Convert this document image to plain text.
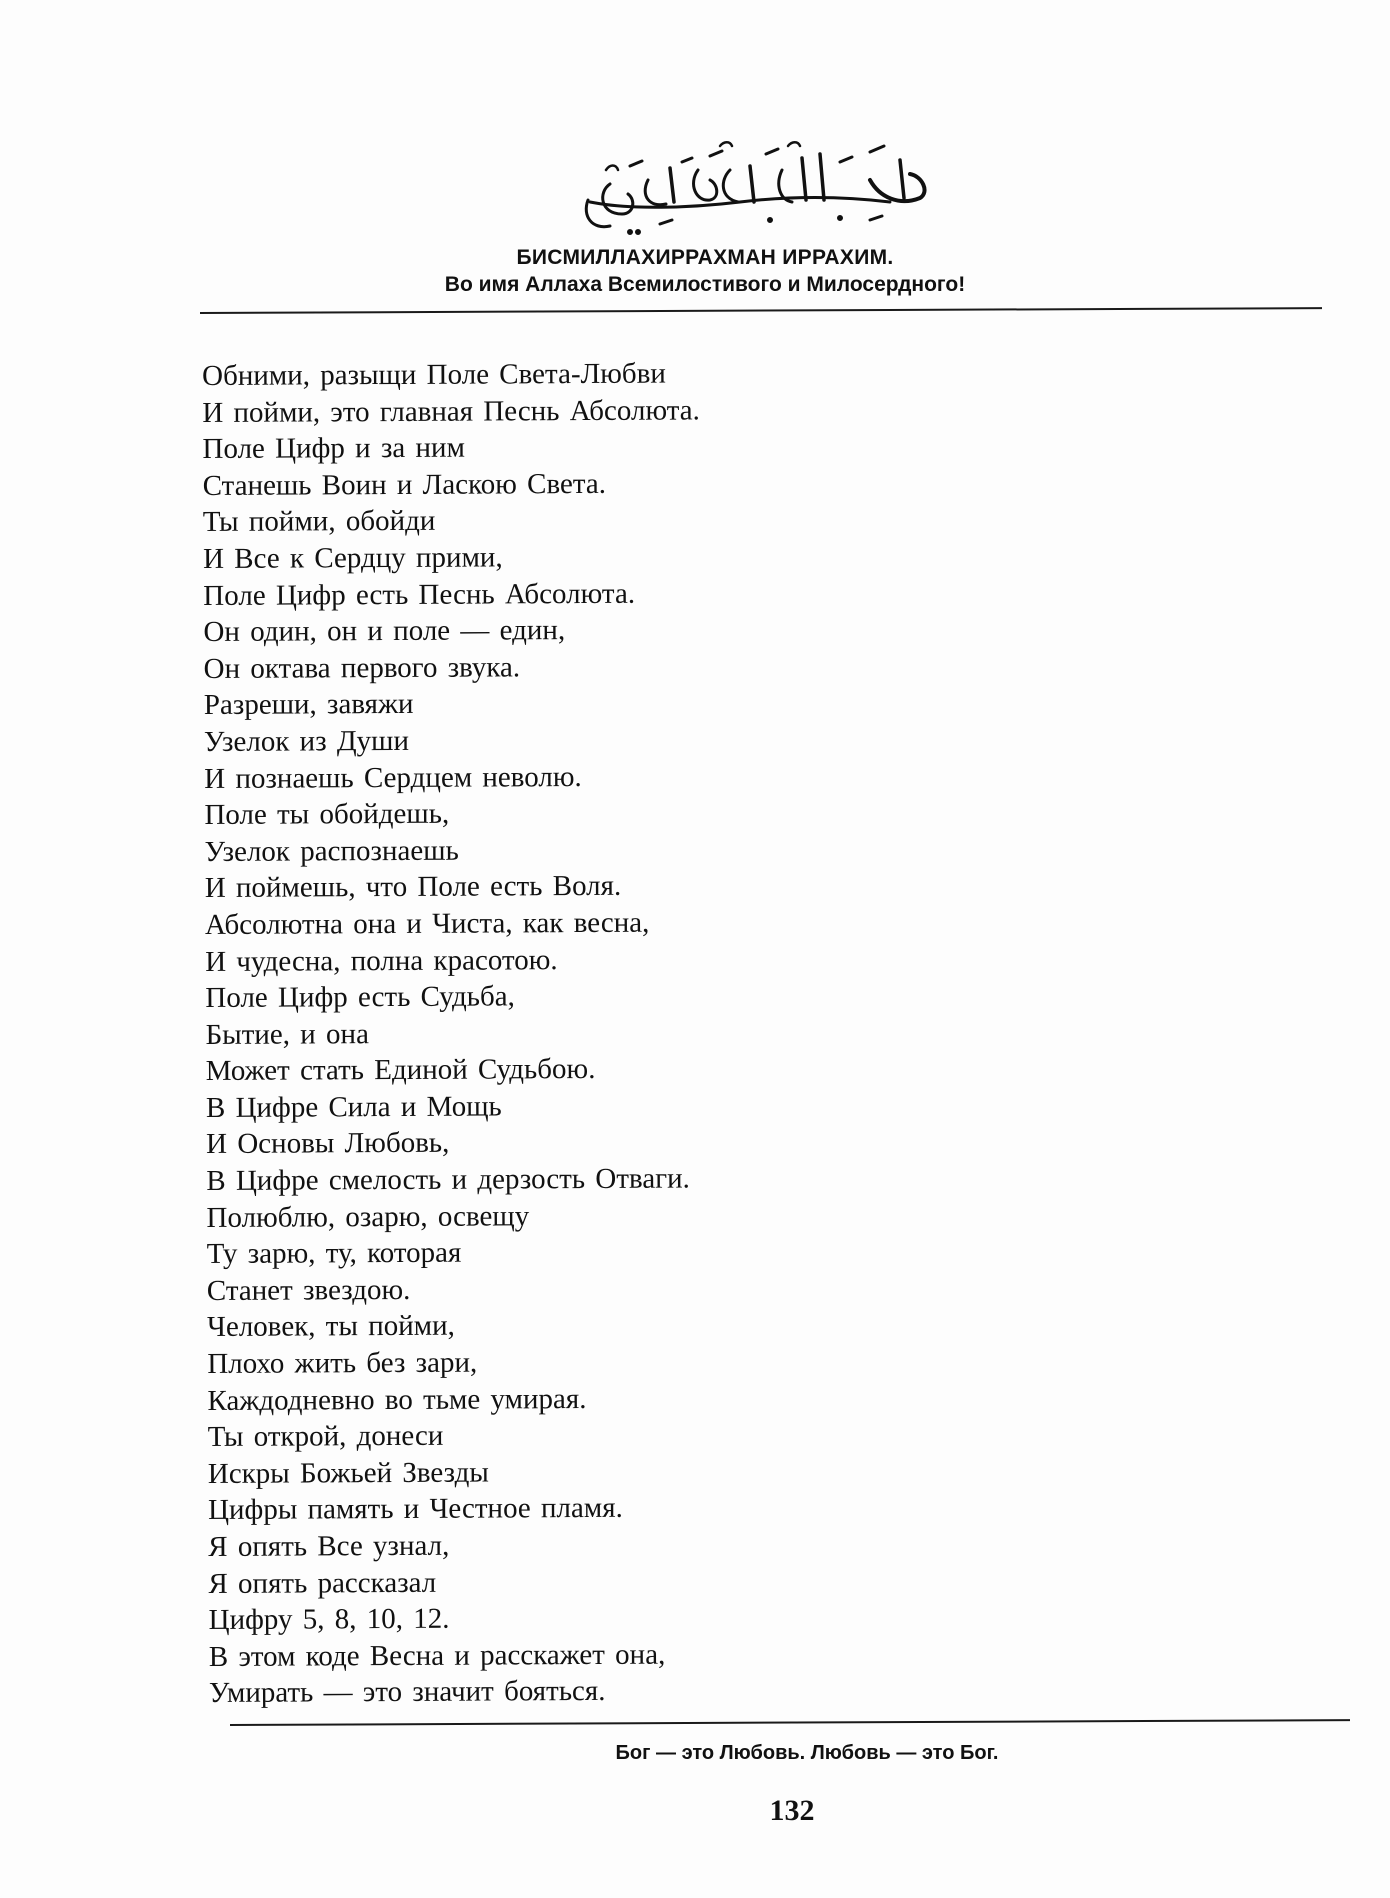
БИСМИЛЛАХИРРАХМАН ИРРАХИМ.
Во имя Аллаха Всемилостивого и Милосердного!
Обними, разыщи Поле Света-Любви
И пойми, это главная Песнь Абсолюта.
Поле Цифр и за ним
Станешь Воин и Ласкою Света.
Ты пойми, обойди
И Все к Сердцу прими,
Поле Цифр есть Песнь Абсолюта.
Он один, он и поле — един,
Он октава первого звука.
Разреши, завяжи
Узелок из Души
И познаешь Сердцем неволю.
Поле ты обойдешь,
Узелок распознаешь
И поймешь, что Поле есть Воля.
Абсолютна она и Чиста, как весна,
И чудесна, полна красотою.
Поле Цифр есть Судьба,
Бытие, и она
Может стать Единой Судьбою.
В Цифре Сила и Мощь
И Основы Любовь,
В Цифре смелость и дерзость Отваги.
Полюблю, озарю, освещу
Ту зарю, ту, которая
Станет звездою.
Человек, ты пойми,
Плохо жить без зари,
Каждодневно во тьме умирая.
Ты открой, донеси
Искры Божьей Звезды
Цифры память и Честное пламя.
Я опять Все узнал,
Я опять рассказал
Цифру 5, 8, 10, 12.
В этом коде Весна и расскажет она,
Умирать — это значит бояться.
Бог — это Любовь. Любовь — это Бог.
132
